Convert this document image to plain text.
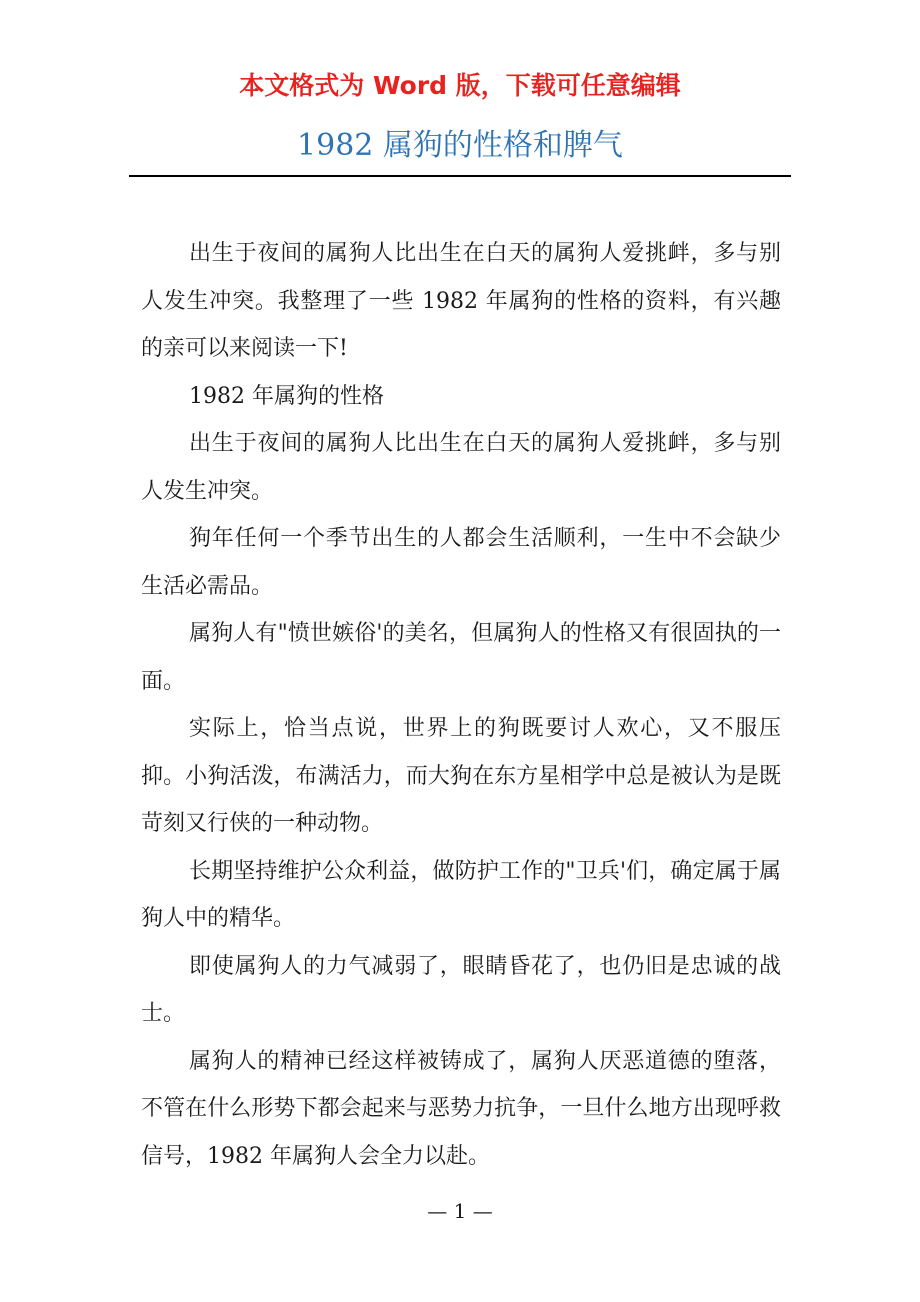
本文格式为 Word 版，下载可任意编辑
1982 属狗的性格和脾气

出生于夜间的属狗人比出生在白天的属狗人爱挑衅，多与别人发生冲突。我整理了一些 1982 年属狗的性格的资料，有兴趣的亲可以来阅读一下!

1982 年属狗的性格

出生于夜间的属狗人比出生在白天的属狗人爱挑衅，多与别人发生冲突。

狗年任何一个季节出生的人都会生活顺利，一生中不会缺少生活必需品。

属狗人有"愤世嫉俗'的美名，但属狗人的性格又有很固执的一面。

实际上，恰当点说，世界上的狗既要讨人欢心，又不服压抑。小狗活泼，布满活力，而大狗在东方星相学中总是被认为是既苛刻又行侠的一种动物。

长期坚持维护公众利益，做防护工作的"卫兵'们，确定属于属狗人中的精华。

即使属狗人的力气减弱了，眼睛昏花了，也仍旧是忠诚的战士。

属狗人的精神已经这样被铸成了，属狗人厌恶道德的堕落，不管在什么形势下都会起来与恶势力抗争，一旦什么地方出现呼救信号，1982 年属狗人会全力以赴。

— 1 —
